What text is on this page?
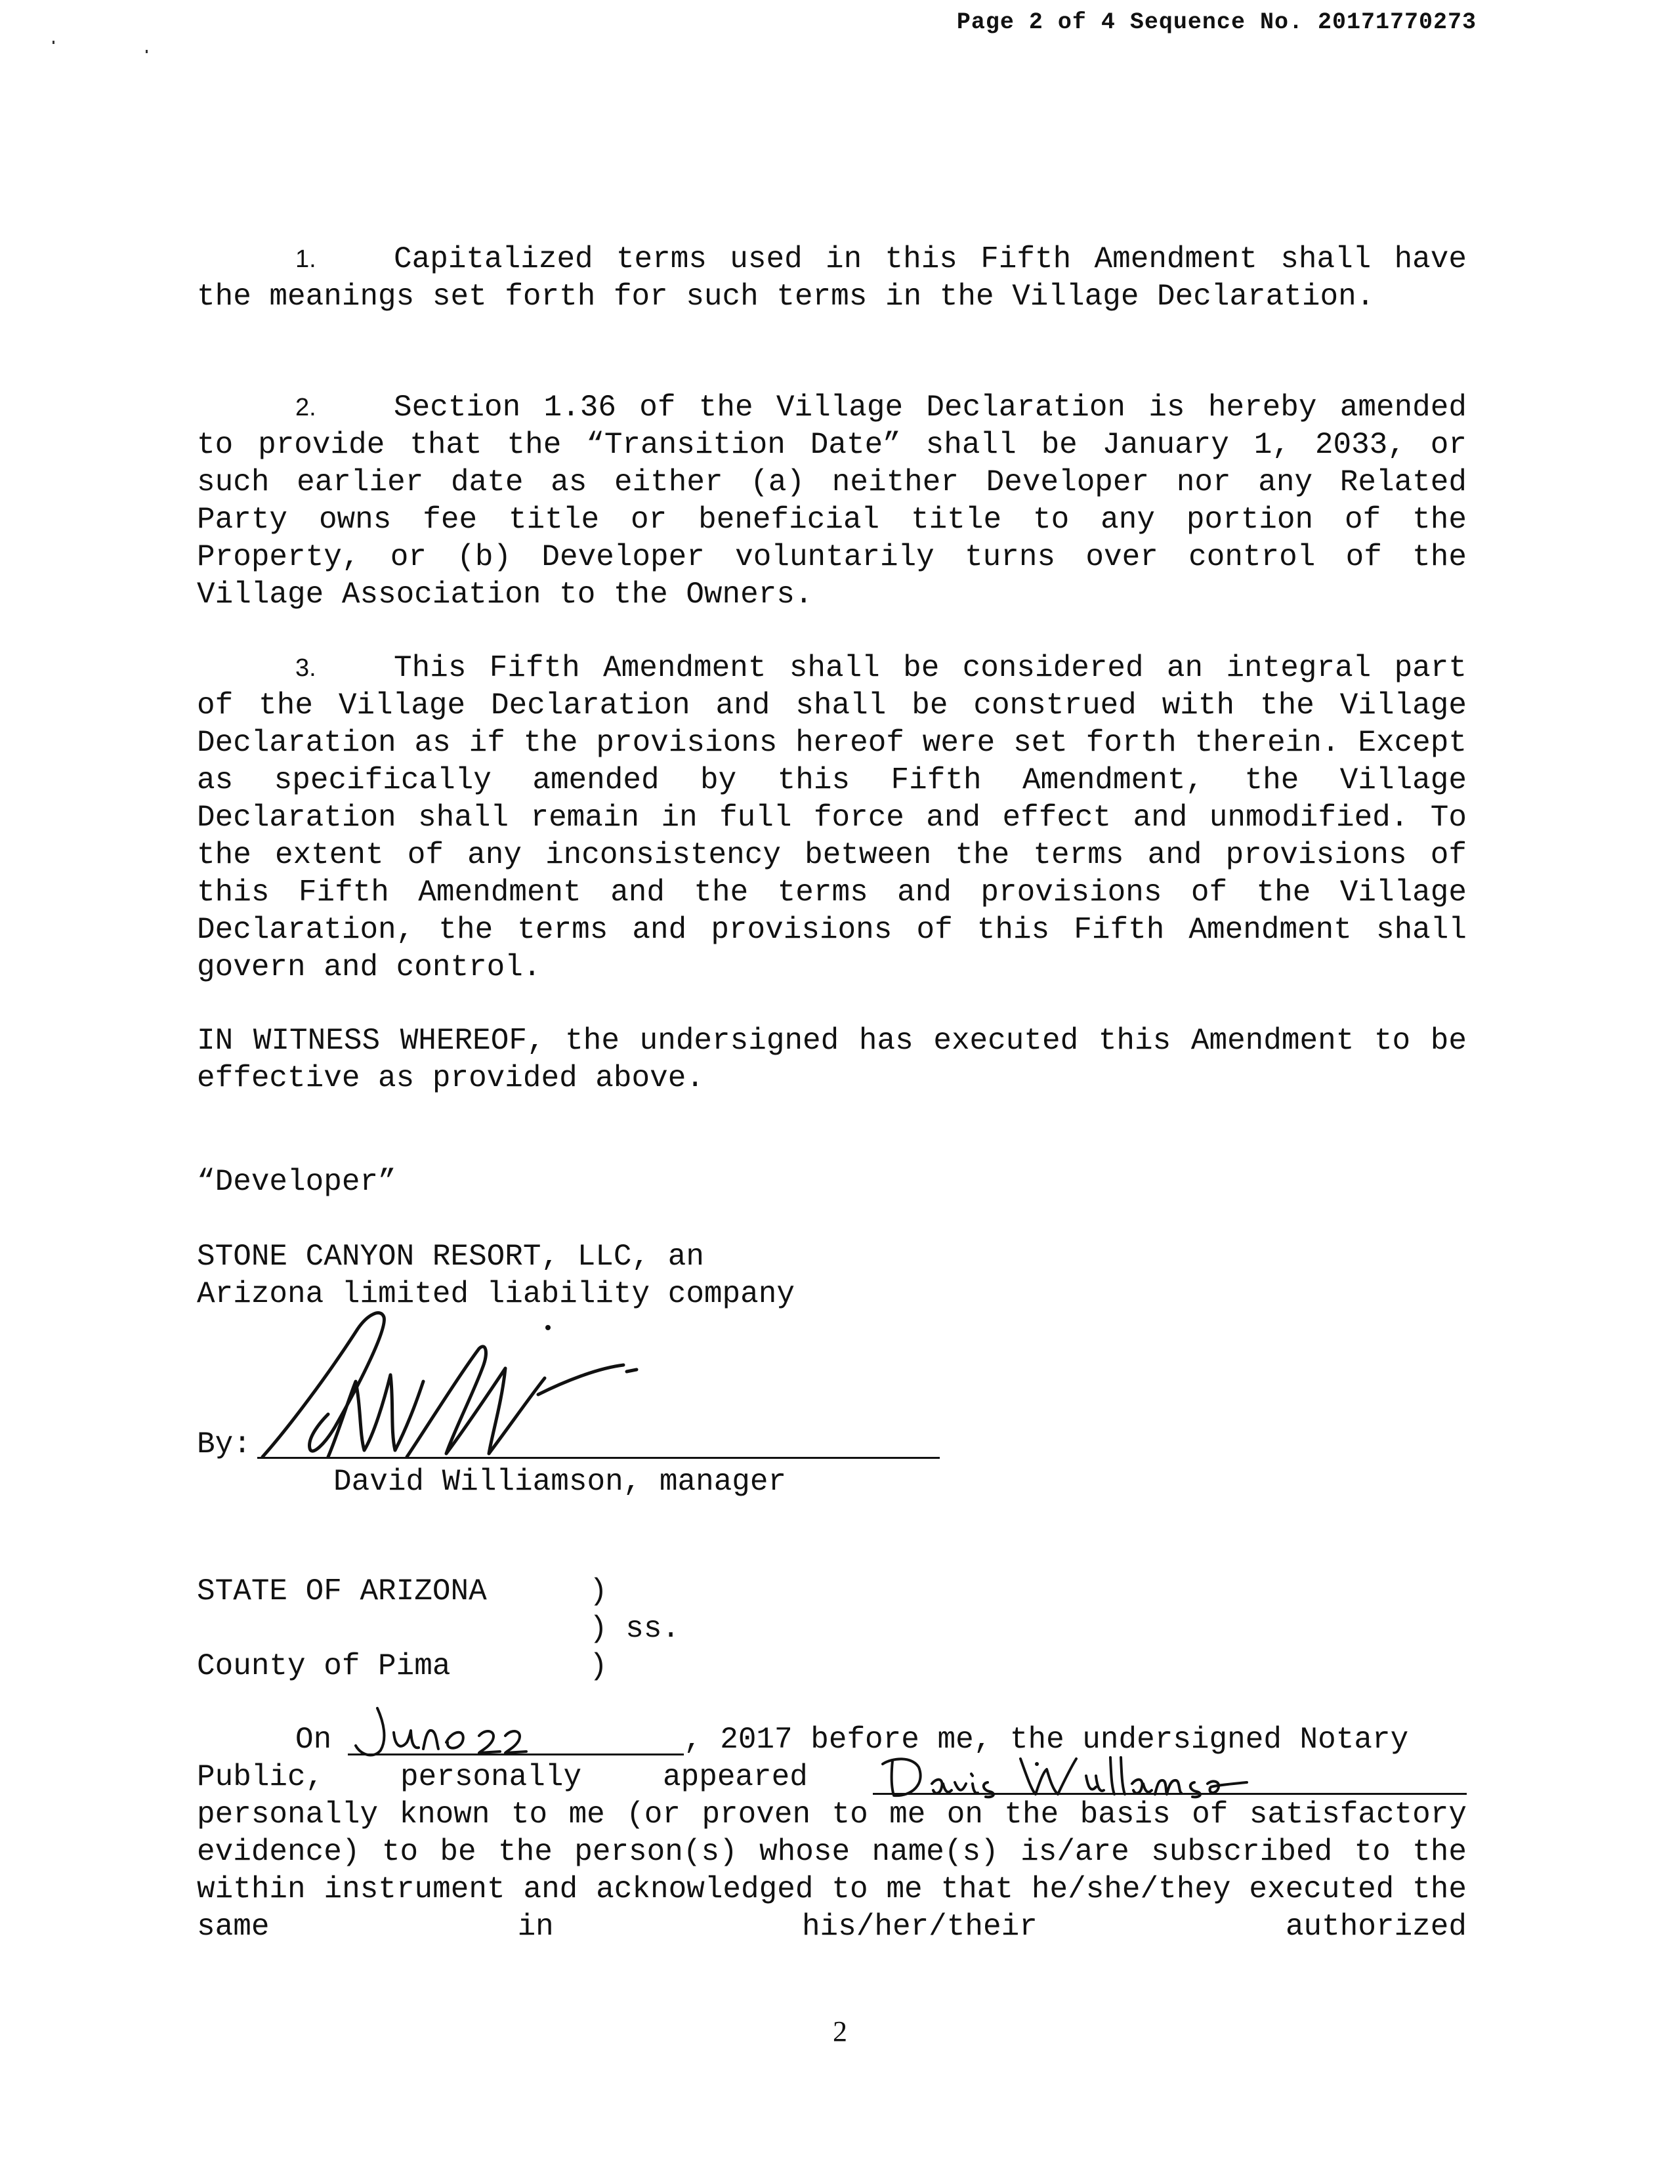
Page 2 of 4 Sequence No. 20171770273
1.	Capitalized terms used in this Fifth Amendment shall have the meanings set forth for such terms in the Village Declaration.
2.	Section 1.36 of the Village Declaration is hereby amended to provide that the “Transition Date” shall be January 1, 2033, or such earlier date as either (a) neither Developer nor any Related Party owns fee title or beneficial title to any portion of the Property, or (b) Developer voluntarily turns over control of the Village Association to the Owners.
3.	This Fifth Amendment shall be considered an integral part of the Village Declaration and shall be construed with the Village Declaration as if the provisions hereof were set forth therein. Except as specifically amended by this Fifth Amendment, the Village Declaration shall remain in full force and effect and unmodified. To the extent of any inconsistency between the terms and provisions of this Fifth Amendment and the terms and provisions of the Village Declaration, the terms and provisions of this Fifth Amendment shall govern and control.
IN WITNESS WHEREOF, the undersigned has executed this Amendment to be effective as provided above.
“Developer”
STONE CANYON RESORT, LLC, an
Arizona limited liability company
By:
David Williamson, manager
STATE OF ARIZONA	)
) ss.
County of Pima	)
On	, 2017 before me, the undersigned Notary
Public,	personally	appeared
personally known to me (or proven to me on the basis of satisfactory evidence) to be the person(s) whose name(s) is/are subscribed to the within instrument and acknowledged to me that he/she/they executed the same in his/her/their authorized
2
